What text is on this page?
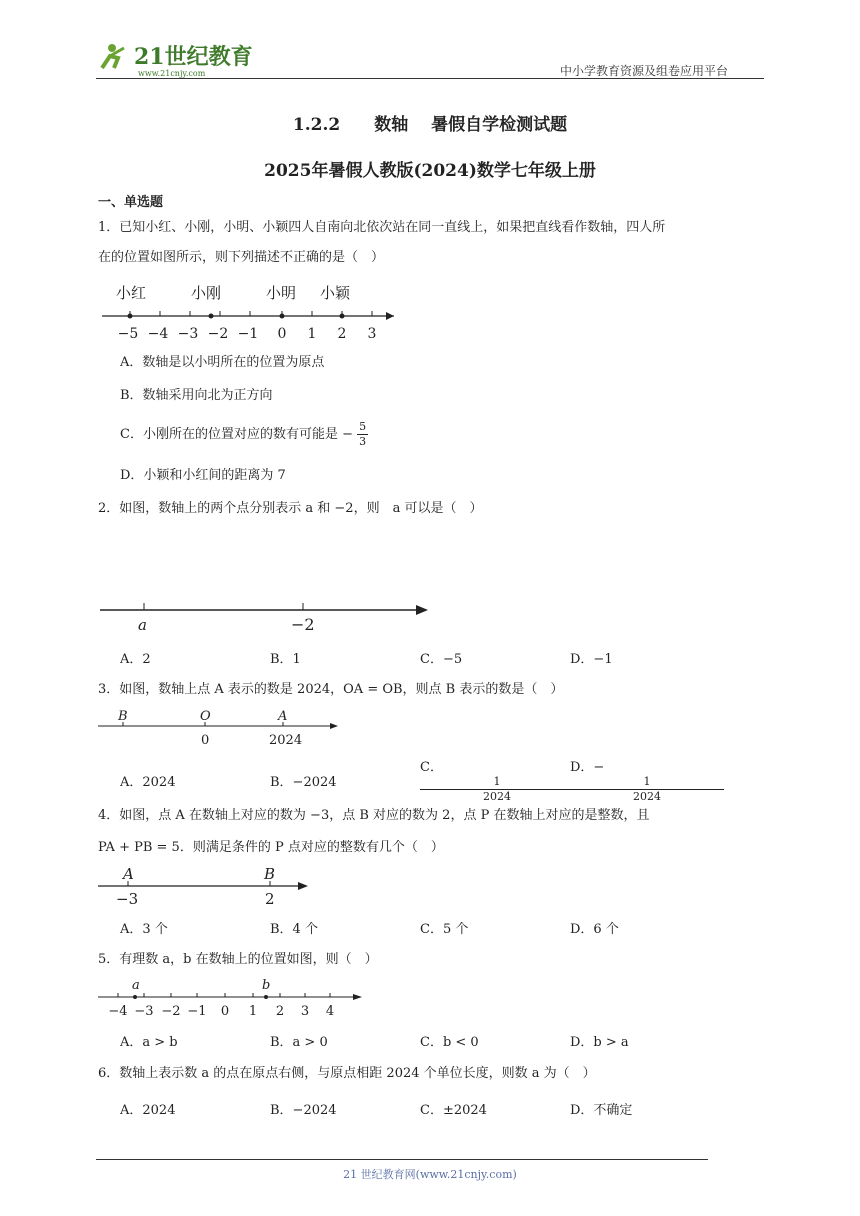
21世纪教育
www.21cnjy.com	中小学教育资源及组卷应用平台
1.2.2　　数轴　 暑假自学检测试题
2025年暑假人教版(2024)数学七年级上册
一、单选题
1．已知小红、小刚，小明、小颖四人自南向北依次站在同一直线上，如果把直线看作数轴，四人所
在的位置如图所示，则下列描述不正确的是（　）
小红	小刚	小明 小颖
−5 −4 −3 −2 −1 0 1 2 3
A．数轴是以小明所在的位置为原点
B．数轴采用向北为正方向
C．小刚所在的位置对应的数有可能是 − $\frac{5}{3}$
D．小颖和小红间的距离为 7
2．如图，数轴上的两个点分别表示 a 和 −2，则　a 可以是（　）
a	−2
A．2	B．1	C．−5	D．−1
3．如图，数轴上点 A 表示的数是 2024，OA = OB，则点 B 表示的数是（　）
B	O	A
0	2024
A．2024	B．−2024C．
$\frac{1}{2024}$
D．−
$\frac{1}{2024}$
4．如图，点 A 在数轴上对应的数为 −3，点 B 对应的数为 2，点 P 在数轴上对应的是整数，且
PA + PB = 5．则满足条件的 P 点对应的整数有几个（　）
A	B
−3	2
A．3 个	B．4 个	C．5 个	D．6 个
5．有理数 a，b 在数轴上的位置如图，则（　）
a	b
−4 −3 −2 −1 0 1 2 3 4
A．a > b	B．a > 0	C．b < 0	D．b > a
6．数轴上表示数 a 的点在原点右侧，与原点相距 2024 个单位长度，则数 a 为（　）
A．2024	B．−2024	C．±2024	D．不确定
21 世纪教育网(www.21cnjy.com)
